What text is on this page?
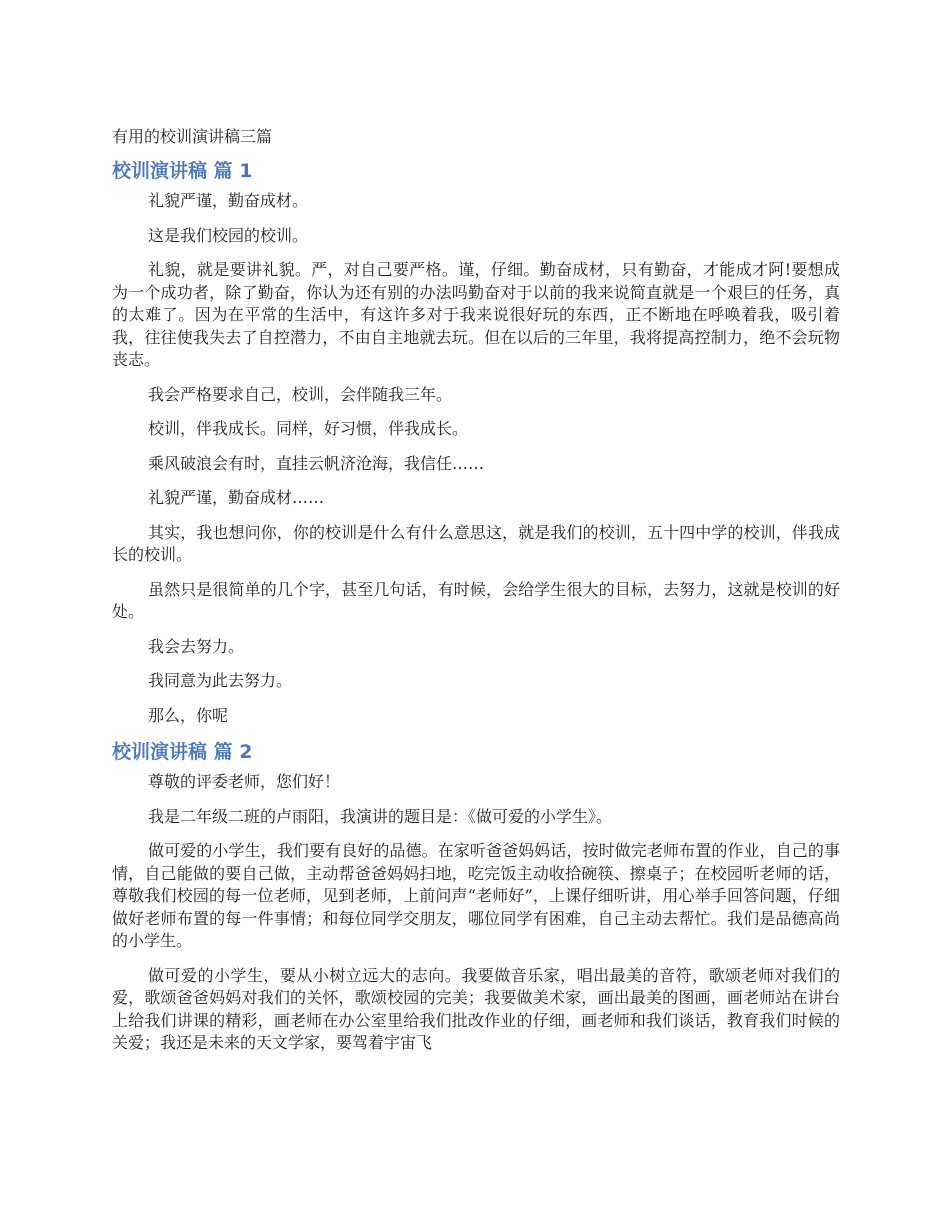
有用的校训演讲稿三篇
校训演讲稿 篇 1

礼貌严谨，勤奋成材。

这是我们校园的校训。

礼貌，就是要讲礼貌。严，对自己要严格。谨，仔细。勤奋成材，只有勤奋，才能成才阿!要想成为一个成功者，除了勤奋，你认为还有别的办法吗勤奋对于以前的我来说简直就是一个艰巨的任务，真的太难了。因为在平常的生活中，有这许多对于我来说很好玩的东西，正不断地在呼唤着我，吸引着我，往往使我失去了自控潜力，不由自主地就去玩。但在以后的三年里，我将提高控制力，绝不会玩物丧志。

我会严格要求自己，校训，会伴随我三年。

校训，伴我成长。同样，好习惯，伴我成长。

乘风破浪会有时，直挂云帆济沧海，我信任……

礼貌严谨，勤奋成材……

其实，我也想问你，你的校训是什么有什么意思这，就是我们的校训，五十四中学的校训，伴我成长的校训。

虽然只是很简单的几个字，甚至几句话，有时候，会给学生很大的目标，去努力，这就是校训的好处。

我会去努力。

我同意为此去努力。

那么，你呢

校训演讲稿 篇 2

尊敬的评委老师，您们好！

我是二年级二班的卢雨阳，我演讲的题目是：《做可爱的小学生》。

做可爱的小学生，我们要有良好的品德。在家听爸爸妈妈话，按时做完老师布置的作业，自己的事情，自己能做的要自己做，主动帮爸爸妈妈扫地，吃完饭主动收拾碗筷、擦桌子；在校园听老师的话，尊敬我们校园的每一位老师，见到老师，上前问声“老师好”，上课仔细听讲，用心举手回答问题，仔细做好老师布置的每一件事情；和每位同学交朋友，哪位同学有困难，自己主动去帮忙。我们是品德高尚的小学生。

做可爱的小学生，要从小树立远大的志向。我要做音乐家，唱出最美的音符，歌颂老师对我们的爱，歌颂爸爸妈妈对我们的关怀，歌颂校园的完美；我要做美术家，画出最美的图画，画老师站在讲台上给我们讲课的精彩，画老师在办公室里给我们批改作业的仔细，画老师和我们谈话，教育我们时候的关爱；我还是未来的天文学家，要驾着宇宙飞
